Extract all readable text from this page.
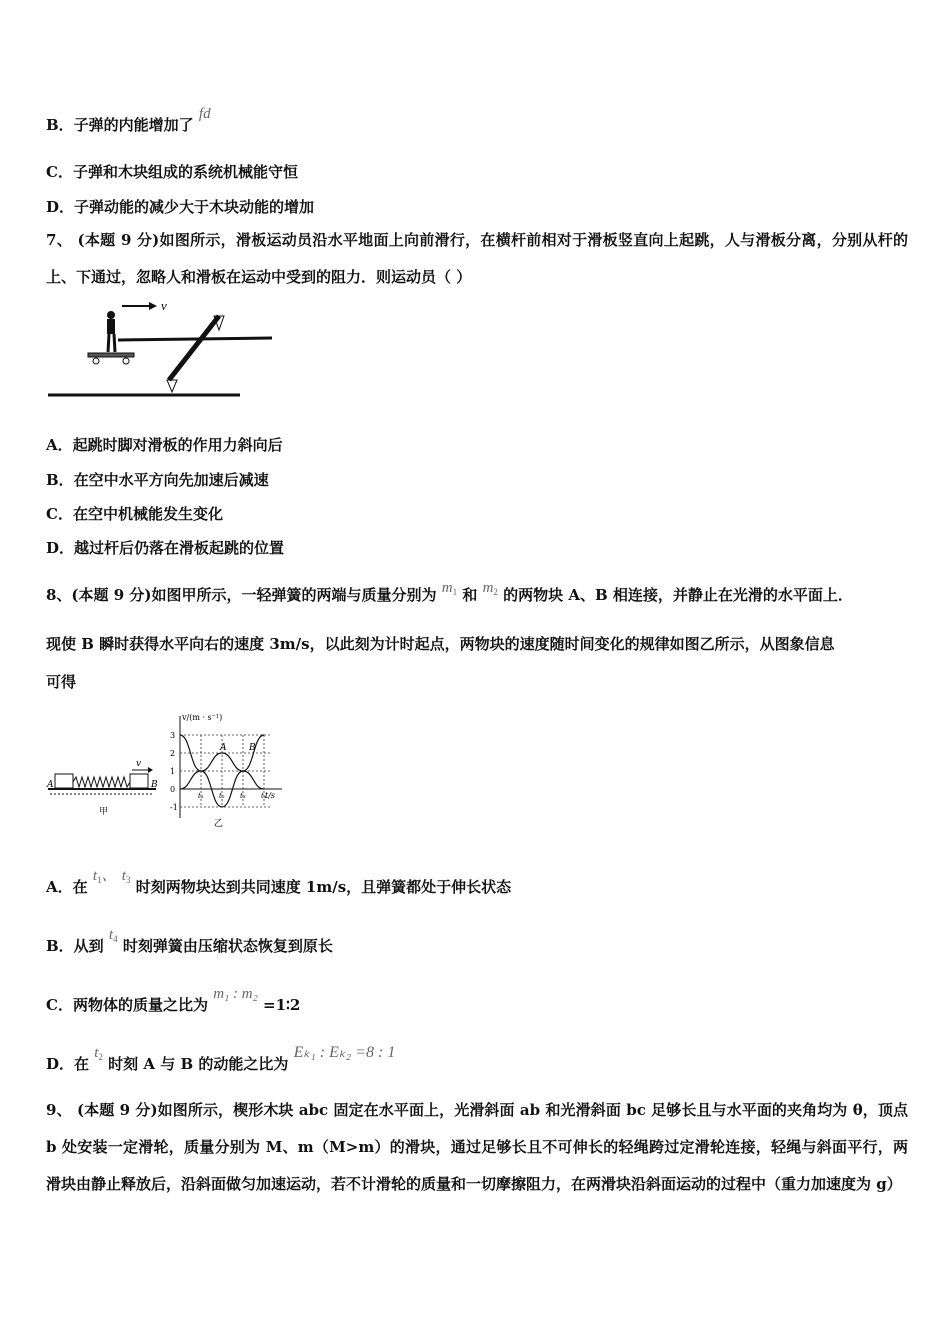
B．子弹的内能增加了 fd
C．子弹和木块组成的系统机械能守恒
D．子弹动能的减少大于木块动能的增加
7、 (本题 9 分)如图所示，滑板运动员沿水平地面上向前滑行，在横杆前相对于滑板竖直向上起跳，人与滑板分离，分别从杆的上、下通过，忽略人和滑板在运动中受到的阻力．则运动员（ ）
v
A．起跳时脚对滑板的作用力斜向后
B．在空中水平方向先加速后减速
C．在空中机械能发生变化
D．越过杆后仍落在滑板起跳的位置
8、(本题 9 分)如图甲所示，一轻弹簧的两端与质量分别为 $m_1$ 和 $m_2$ 的两物块 A、B 相连接，并静止在光滑的水平面上．
现使 B 瞬时获得水平向右的速度 3m/s，以此刻为计时起点，两物块的速度随时间变化的规律如图乙所示，从图象信息
可得
A	B
v
甲
v/(m · s⁻¹)
t/s
乙
3
2
1
0
-1
t₁ t₂ t₃ t₄
A	B
A．在 $t_1$、 $t_3$ 时刻两物块达到共同速度 1m/s，且弹簧都处于伸长状态
B．从到 $t_4$ 时刻弹簧由压缩状态恢复到原长
C．两物体的质量之比为 m₁ : m₂ =1∶2
D．在 $t_2$ 时刻 A 与 B 的动能之比为 Eₖ₁ : Eₖ₂ =8 : 1
9、 (本题 9 分)如图所示，楔形木块 abc 固定在水平面上，光滑斜面 ab 和光滑斜面 bc 足够长且与水平面的夹角均为 θ，顶点 b 处安装一定滑轮，质量分别为 M、m（M>m）的滑块，通过足够长且不可伸长的轻绳跨过定滑轮连接，轻绳与斜面平行，两滑块由静止释放后，沿斜面做匀加速运动，若不计滑轮的质量和一切摩擦阻力，在两滑块沿斜面运动的过程中（重力加速度为 g）
